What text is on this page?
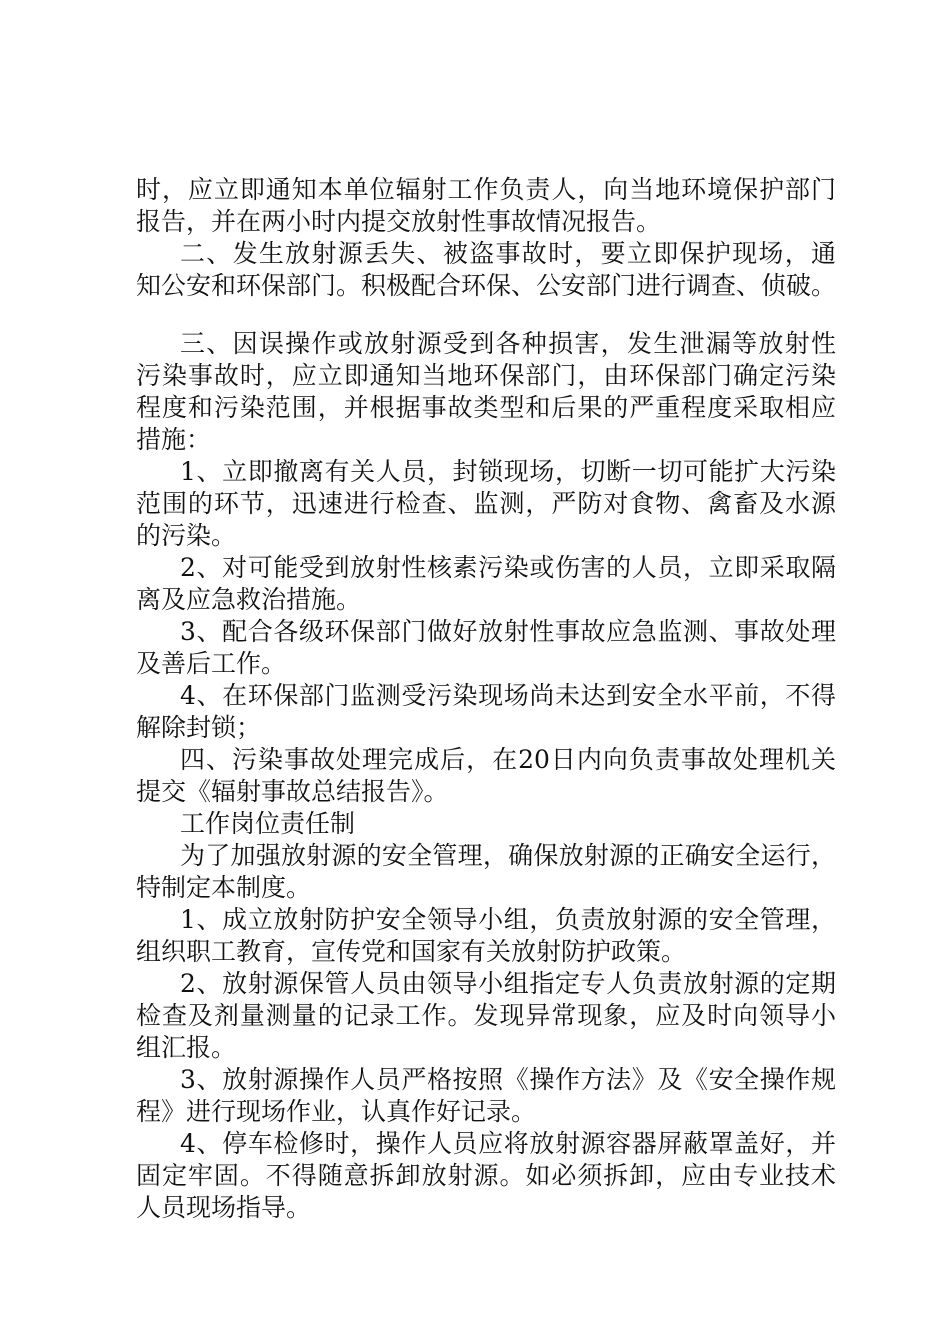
时，应立即通知本单位辐射工作负责人，向当地环境保护部门

报告，并在两小时内提交放射性事故情况报告。

二、发生放射源丢失、被盗事故时，要立即保护现场，通

知公安和环保部门。积极配合环保、公安部门进行调查、侦破。

三、因误操作或放射源受到各种损害，发生泄漏等放射性

污染事故时，应立即通知当地环保部门，由环保部门确定污染

程度和污染范围，并根据事故类型和后果的严重程度采取相应

措施：

1、立即撤离有关人员，封锁现场，切断一切可能扩大污染

范围的环节，迅速进行检查、监测，严防对食物、禽畜及水源

的污染。

2、对可能受到放射性核素污染或伤害的人员，立即采取隔

离及应急救治措施。

3、配合各级环保部门做好放射性事故应急监测、事故处理

及善后工作。

4、在环保部门监测受污染现场尚未达到安全水平前，不得

解除封锁；

四、污染事故处理完成后，在20日内向负责事故处理机关

提交《辐射事故总结报告》。

工作岗位责任制

为了加强放射源的安全管理，确保放射源的正确安全运行，

特制定本制度。

1、成立放射防护安全领导小组，负责放射源的安全管理，

组织职工教育，宣传党和国家有关放射防护政策。

2、放射源保管人员由领导小组指定专人负责放射源的定期

检查及剂量测量的记录工作。发现异常现象，应及时向领导小

组汇报。

3、放射源操作人员严格按照《操作方法》及《安全操作规

程》进行现场作业，认真作好记录。

4、停车检修时，操作人员应将放射源容器屏蔽罩盖好，并

固定牢固。不得随意拆卸放射源。如必须拆卸，应由专业技术

人员现场指导。
